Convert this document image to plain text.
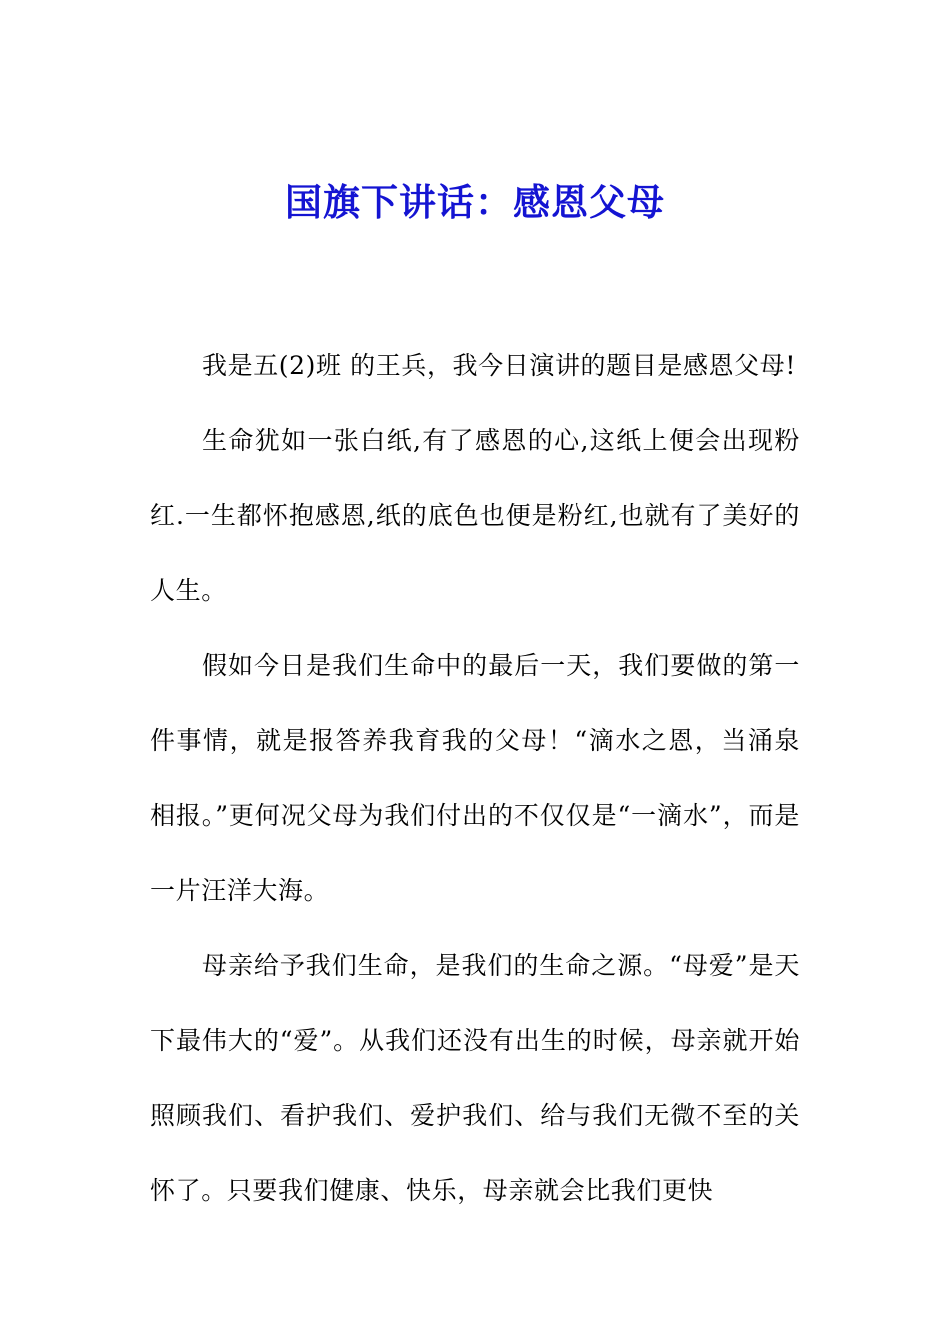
国旗下讲话：感恩父母

我是五(2)班 的王兵，我今日演讲的题目是感恩父母!

生命犹如一张白纸,有了感恩的心,这纸上便会出现粉红.一生都怀抱感恩,纸的底色也便是粉红,也就有了美好的人生。

假如今日是我们生命中的最后一天，我们要做的第一件事情，就是报答养我育我的父母！“滴水之恩，当涌泉相报。”更何况父母为我们付出的不仅仅是“一滴水”，而是一片汪洋大海。

母亲给予我们生命，是我们的生命之源。“母爱”是天下最伟大的“爱”。从我们还没有出生的时候，母亲就开始照顾我们、看护我们、爱护我们、给与我们无微不至的关怀了。只要我们健康、快乐，母亲就会比我们更快
